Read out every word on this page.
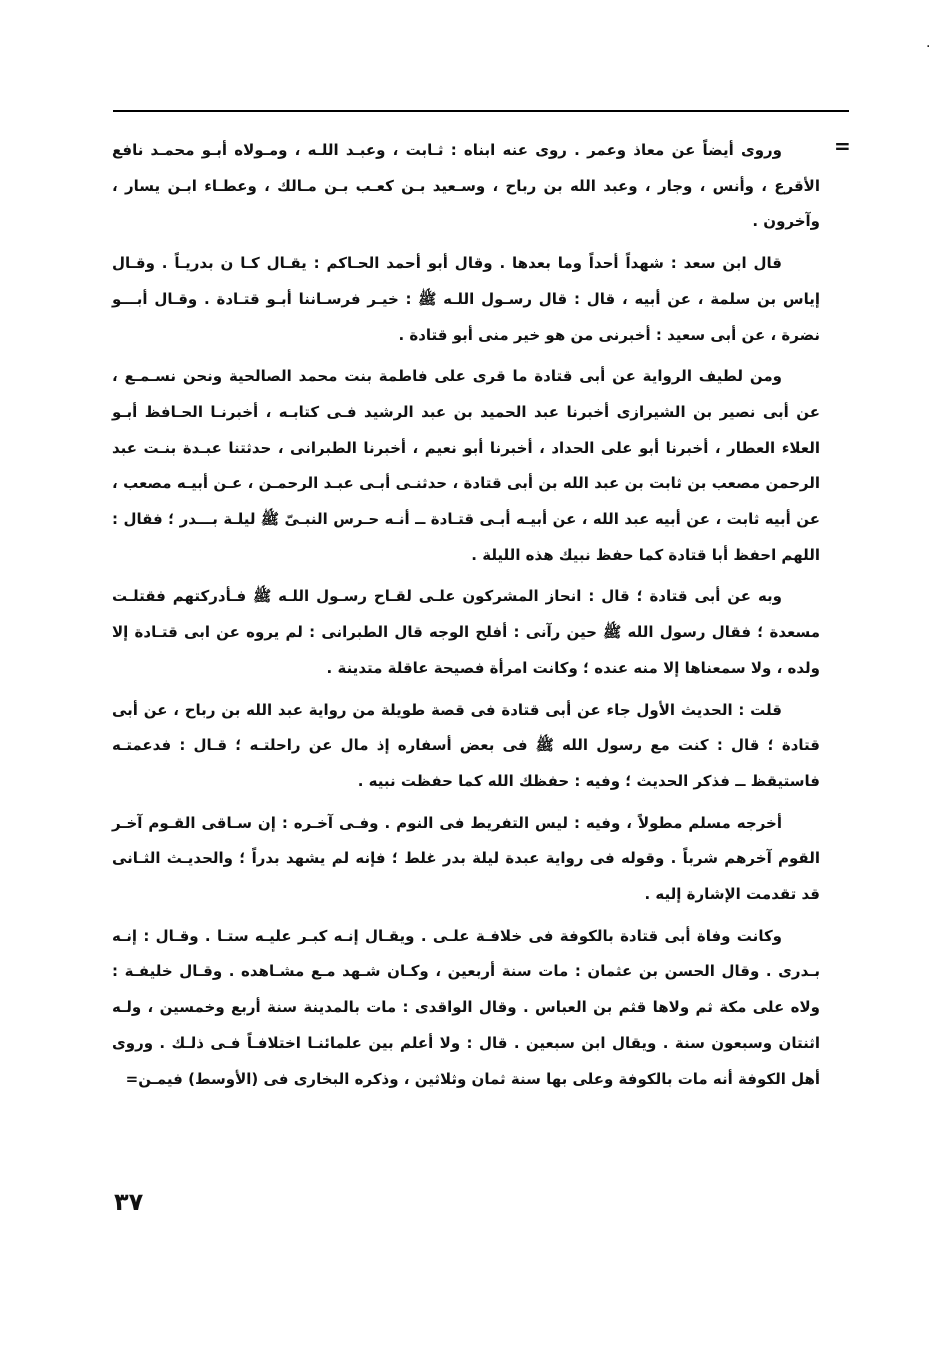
·
=

وروى أيضاً عن معاذ وعمر . روى عنه ابناه : ثـابت ، وعبـد اللـه ، ومـولاه أبـو محمـد نافع الأقرع ، وأنس ، وجار ، وعبد الله بن رباح ، وسـعيد بـن كعـب بـن مـالك ، وعطـاء ابـن يسار ، وآخرون .

قال ابن سعد : شهداً أحداً وما بعدها . وقال أبو أحمد الحـاكم : يقـال كـا ن بدريـاً . وقـال إياس بن سلمة ، عن أبيه ، قال : قال رسـول اللـه ﷺ : خيـر فرسـاننا أبـو قتـادة . وقـال أبـــو نضرة ، عن أبى سعيد : أخبرنى من هو خير منى أبو قتادة .

ومن لطيف الرواية عن أبى قتادة ما قرى على فاطمة بنت محمد الصالحية ونحن نسـمـع ، عن أبى نصير بن الشيرازى أخبرنا عبد الحميد بن عبد الرشيد فـى كتابـه ، أخبرنـا الحـافظ أبـو العلاء العطار ، أخبرنا أبو على الحداد ، أخبرنا أبو نعيم ، أخبرنا الطبرانى ، حدثتنا عبـدة بنـت عبد الرحمن مصعب بن ثابت بن عبد الله بن أبى قتادة ، حدثنـى أبـى عبـد الرحمـن ، عـن أبيـه مصعب ، عن أبيه ثابت ، عن أبيه عبد الله ، عن أبيـه أبـى قتـادة ــ أنـه حـرس النبـىّ ﷺ ليلـة بـــدر ؛ فقال : اللهم احفظ أبا قتادة كما حفظ نبيك هذه الليلة .

وبه عن أبى قتادة ؛ قال : انحاز المشركون علـى لقـاح رسـول اللـه ﷺ فـأدركتهم فقتلـت مسعدة ؛ فقال رسول الله ﷺ حين رآنى : أفلح الوجه قال الطبرانى : لم يروه عن ابى قتـادة إلا ولده ، ولا سمعناها إلا منه عنده ؛ وكانت امرأة فصيحة عاقلة متدينة .

قلت : الحديث الأول جاء عن أبى قتادة فى قصة طويلة من رواية عبد الله بن رباح ، عن أبى قتادة ؛ قال : كنت مع رسول الله ﷺ فى بعض أسفاره إذ مال عن راحلتـه ؛ قـال : فدعمتـه فاستيقظ ــ فذكر الحديث ؛ وفيه : حفظك الله كما حفظت نبيه .

أخرجه مسلم مطولاً ، وفيه : ليس التفريط فى النوم . وفـى آخـره : إن سـاقى القـوم آخـر القوم آخرهم شرباً . وقوله فى رواية عبدة ليلة بدر غلط ؛ فإنه لم يشهد بدراً ؛ والحديـث الثـانى قد تقدمت الإشارة إليه .

وكانت وفاة أبى قتادة بالكوفة فى خلافـة علـى . ويقـال إنـه كبـر عليـه ستـا . وقـال : إنـه بـدرى . وقال الحسن بن عثمان : مات سنة أربعين ، وكـان شـهد مـع مشـاهده . وقـال خليفـة : ولاه على مكة ثم ولاها قثم بن العباس . وقال الواقدى : مات بالمدينة سنة أربع وخمسين ، ولـه اثنتان وسبعون سنة . ويقال ابن سبعين . قال : ولا أعلم بين علمائنـا اختلافـاً فـى ذلـك . وروى أهل الكوفة أنه مات بالكوفة وعلى بها سنة ثمان وثلاثين ، وذكره البخارى فى (الأوسط) فيمـن=

٣٧
